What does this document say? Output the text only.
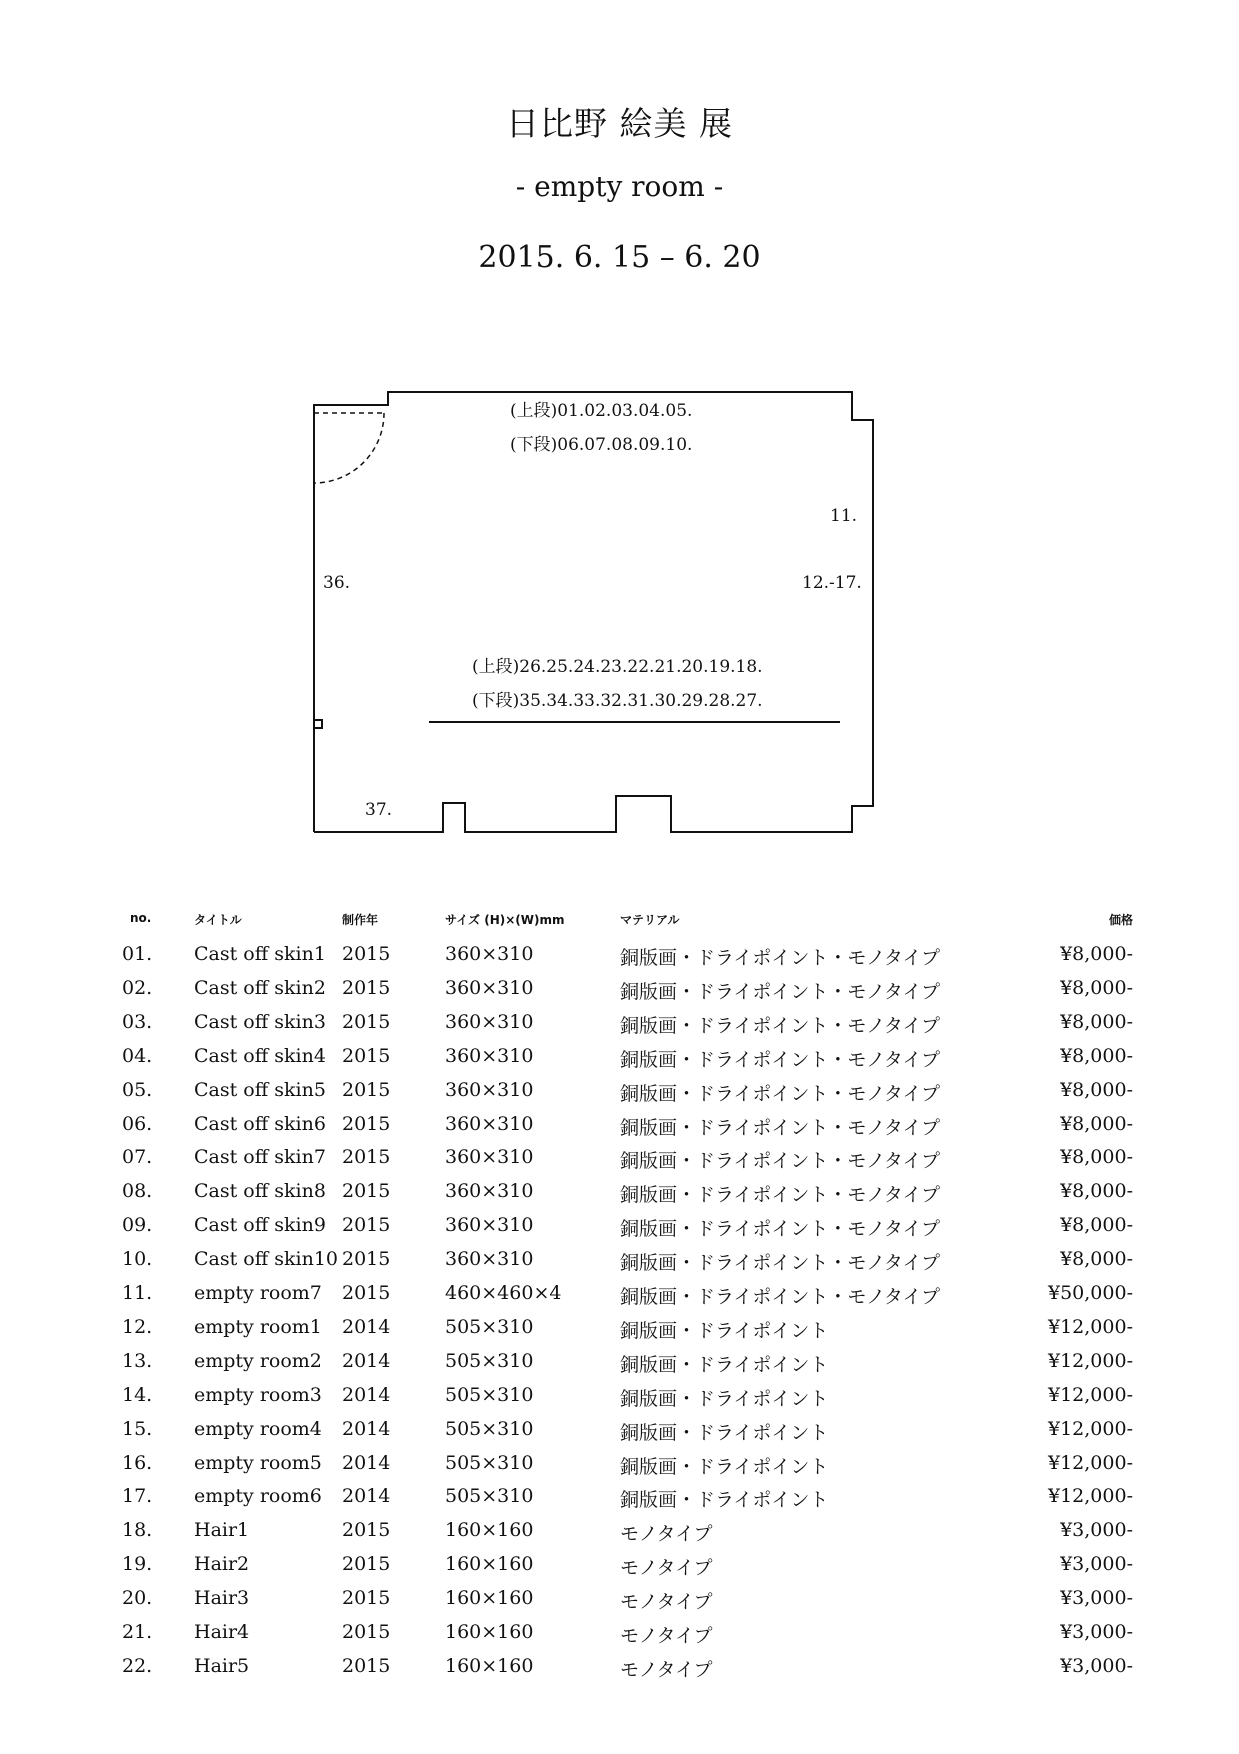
日比野 絵美 展
- empty room -
2015. 6. 15 – 6. 20
(上段)01.02.03.04.05.
(下段)06.07.08.09.10.
11.
12.-17.
36.
(上段)26.25.24.23.22.21.20.19.18.
(下段)35.34.33.32.31.30.29.28.27.
37.
no.	タイトル	制作年	サイズ (H)×(W)mm	マテリアル	価格
01. Cast off skin1 2015	360×310	銅版画・ドライポイント・モノタイプ	¥8,000-
02. Cast off skin2 2015	360×310	銅版画・ドライポイント・モノタイプ	¥8,000-
03. Cast off skin3 2015	360×310	銅版画・ドライポイント・モノタイプ	¥8,000-
04. Cast off skin4 2015	360×310	銅版画・ドライポイント・モノタイプ	¥8,000-
05. Cast off skin5 2015	360×310	銅版画・ドライポイント・モノタイプ	¥8,000-
06. Cast off skin6 2015	360×310	銅版画・ドライポイント・モノタイプ	¥8,000-
07. Cast off skin7 2015	360×310	銅版画・ドライポイント・モノタイプ	¥8,000-
08. Cast off skin8 2015	360×310	銅版画・ドライポイント・モノタイプ	¥8,000-
09. Cast off skin9 2015	360×310	銅版画・ドライポイント・モノタイプ	¥8,000-
10. Cast off skin10 2015	360×310	銅版画・ドライポイント・モノタイプ	¥8,000-
11. empty room7 2015	460×460×4	銅版画・ドライポイント・モノタイプ	¥50,000-
12. empty room1 2014	505×310	銅版画・ドライポイント	¥12,000-
13. empty room2 2014	505×310	銅版画・ドライポイント	¥12,000-
14. empty room3 2014	505×310	銅版画・ドライポイント	¥12,000-
15. empty room4 2014	505×310	銅版画・ドライポイント	¥12,000-
16. empty room5 2014	505×310	銅版画・ドライポイント	¥12,000-
17. empty room6 2014	505×310	銅版画・ドライポイント	¥12,000-
18. Hair1	2015	160×160	モノタイプ	¥3,000-
19. Hair2	2015	160×160	モノタイプ	¥3,000-
20. Hair3	2015	160×160	モノタイプ	¥3,000-
21. Hair4	2015	160×160	モノタイプ	¥3,000-
22. Hair5	2015	160×160	モノタイプ	¥3,000-
